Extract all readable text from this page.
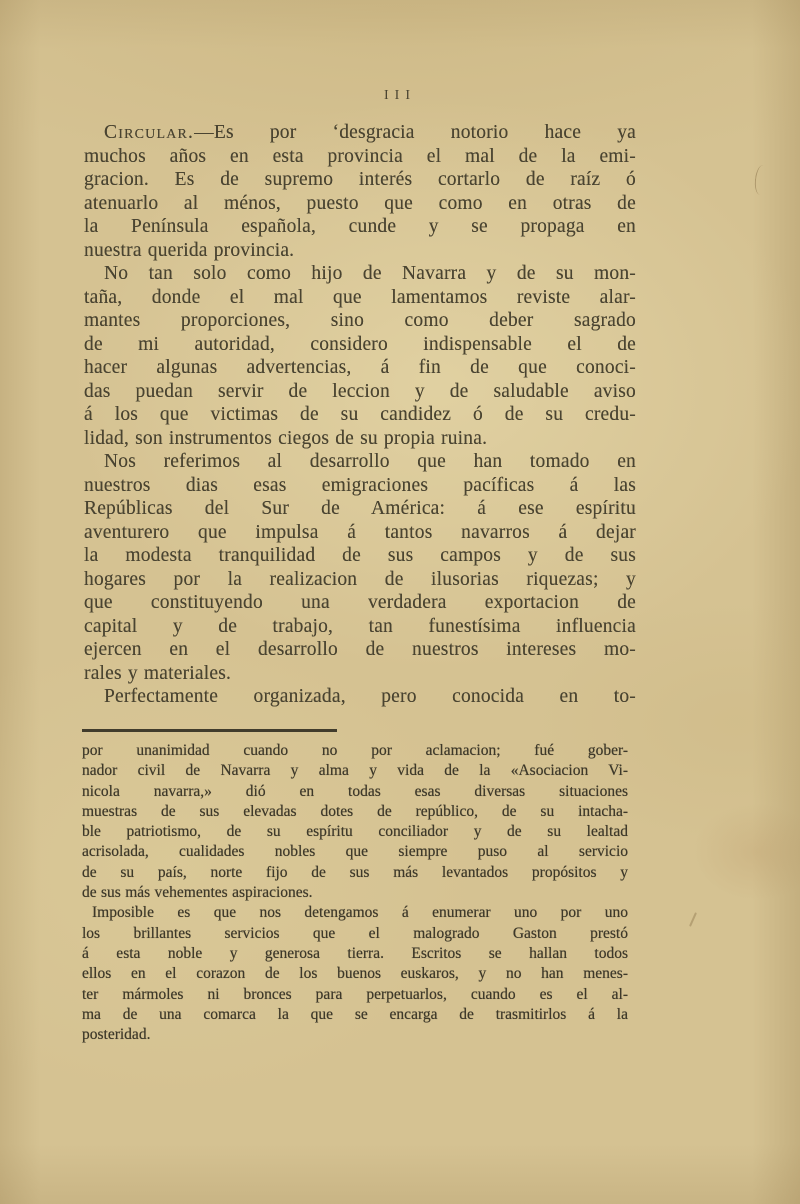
III
Circular.—Es por ‘desgracia notorio hace ya
muchos años en esta provincia el mal de la emi-
gracion. Es de supremo interés cortarlo de raíz ó
atenuarlo al ménos, puesto que como en otras de
la Península española, cunde y se propaga en
nuestra querida provincia.
No tan solo como hijo de Navarra y de su mon-
taña, donde el mal que lamentamos reviste alar-
mantes proporciones, sino como deber sagrado
de mi autoridad, considero indispensable el de
hacer algunas advertencias, á fin de que conoci-
das puedan servir de leccion y de saludable aviso
á los que victimas de su candidez ó de su credu-
lidad, son instrumentos ciegos de su propia ruina.
Nos referimos al desarrollo que han tomado en
nuestros dias esas emigraciones pacíficas á las
Repúblicas del Sur de América: á ese espíritu
aventurero que impulsa á tantos navarros á dejar
la modesta tranquilidad de sus campos y de sus
hogares por la realizacion de ilusorias riquezas; y
que constituyendo una verdadera exportacion de
capital y de trabajo, tan funestísima influencia
ejercen en el desarrollo de nuestros intereses mo-
rales y materiales.
Perfectamente organizada, pero conocida en to-
por unanimidad cuando no por aclamacion; fué gober-
nador civil de Navarra y alma y vida de la «Asociacion Vi-
nicola navarra,» dió en todas esas diversas situaciones
muestras de sus elevadas dotes de repúblico, de su intacha-
ble patriotismo, de su espíritu conciliador y de su lealtad
acrisolada, cualidades nobles que siempre puso al servicio
de su país, norte fijo de sus más levantados propósitos y
de sus más vehementes aspiraciones.
Imposible es que nos detengamos á enumerar uno por uno
los brillantes servicios que el malogrado Gaston prestó
á esta noble y generosa tierra. Escritos se hallan todos
ellos en el corazon de los buenos euskaros, y no han menes-
ter mármoles ni bronces para perpetuarlos, cuando es el al-
ma de una comarca la que se encarga de trasmitirlos á la
posteridad.
